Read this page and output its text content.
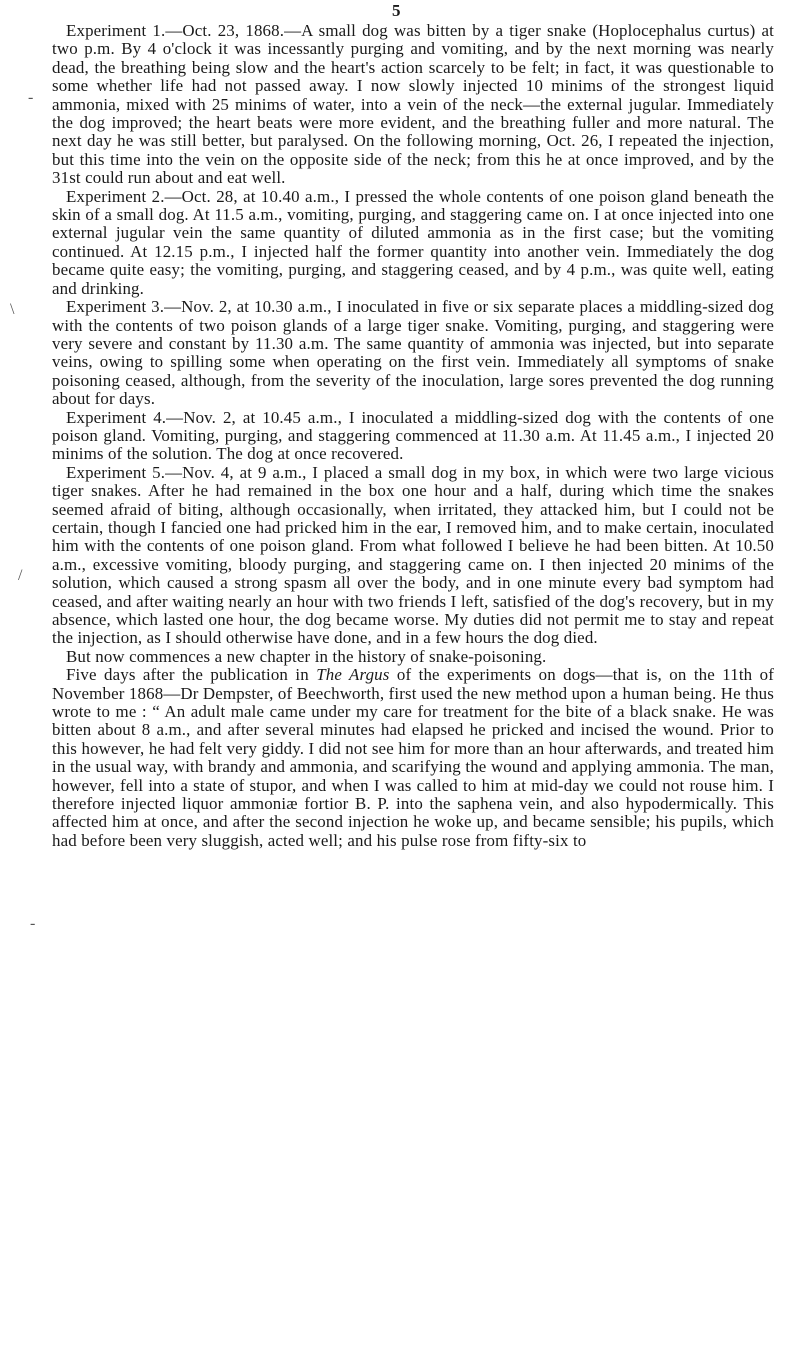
5
-
\
/
-

Experiment 1.—Oct. 23, 1868.—A small dog was bitten by a tiger snake (Hoplocephalus curtus) at two p.m. By 4 o'clock it was incessantly purging and vomiting, and by the next morning was nearly dead, the breathing being slow and the heart's action scarcely to be felt; in fact, it was questionable to some whether life had not passed away. I now slowly injected 10 minims of the strongest liquid ammonia, mixed with 25 minims of water, into a vein of the neck—the external jugular. Immediately the dog improved; the heart beats were more evident, and the breathing fuller and more natural. The next day he was still better, but paralysed. On the following morning, Oct. 26, I repeated the injection, but this time into the vein on the opposite side of the neck; from this he at once improved, and by the 31st could run about and eat well.

Experiment 2.—Oct. 28, at 10.40 a.m., I pressed the whole contents of one poison gland beneath the skin of a small dog. At 11.5 a.m., vomiting, purging, and staggering came on. I at once injected into one external jugular vein the same quantity of diluted ammonia as in the first case; but the vomiting continued. At 12.15 p.m., I injected half the former quantity into another vein. Immediately the dog became quite easy; the vomiting, purging, and staggering ceased, and by 4 p.m., was quite well, eating and drinking.

Experiment 3.—Nov. 2, at 10.30 a.m., I inoculated in five or six separate places a middling-sized dog with the contents of two poison glands of a large tiger snake. Vomiting, purging, and staggering were very severe and constant by 11.30 a.m. The same quantity of ammonia was injected, but into separate veins, owing to spilling some when operating on the first vein. Immediately all symptoms of snake poisoning ceased, although, from the severity of the inoculation, large sores prevented the dog running about for days.

Experiment 4.—Nov. 2, at 10.45 a.m., I inoculated a middling-sized dog with the contents of one poison gland. Vomiting, purging, and staggering commenced at 11.30 a.m. At 11.45 a.m., I injected 20 minims of the solution. The dog at once recovered.

Experiment 5.—Nov. 4, at 9 a.m., I placed a small dog in my box, in which were two large vicious tiger snakes. After he had remained in the box one hour and a half, during which time the snakes seemed afraid of biting, although occasionally, when irritated, they attacked him, but I could not be certain, though I fancied one had pricked him in the ear, I removed him, and to make certain, inoculated him with the contents of one poison gland. From what followed I believe he had been bitten. At 10.50 a.m., excessive vomiting, bloody purging, and staggering came on. I then injected 20 minims of the solution, which caused a strong spasm all over the body, and in one minute every bad symptom had ceased, and after waiting nearly an hour with two friends I left, satisfied of the dog's recovery, but in my absence, which lasted one hour, the dog became worse. My duties did not permit me to stay and repeat the injection, as I should otherwise have done, and in a few hours the dog died.

But now commences a new chapter in the history of snake-poisoning.

Five days after the publication in The Argus of the experiments on dogs—that is, on the 11th of November 1868—Dr Dempster, of Beechworth, first used the new method upon a human being. He thus wrote to me : “ An adult male came under my care for treatment for the bite of a black snake. He was bitten about 8 a.m., and after several minutes had elapsed he pricked and incised the wound. Prior to this however, he had felt very giddy. I did not see him for more than an hour afterwards, and treated him in the usual way, with brandy and ammonia, and scarifying the wound and applying ammonia. The man, however, fell into a state of stupor, and when I was called to him at mid-day we could not rouse him. I therefore injected liquor ammoniæ fortior B. P. into the saphena vein, and also hypodermically. This affected him at once, and after the second injection he woke up, and became sensible; his pupils, which had before been very sluggish, acted well; and his pulse rose from fifty-six to
